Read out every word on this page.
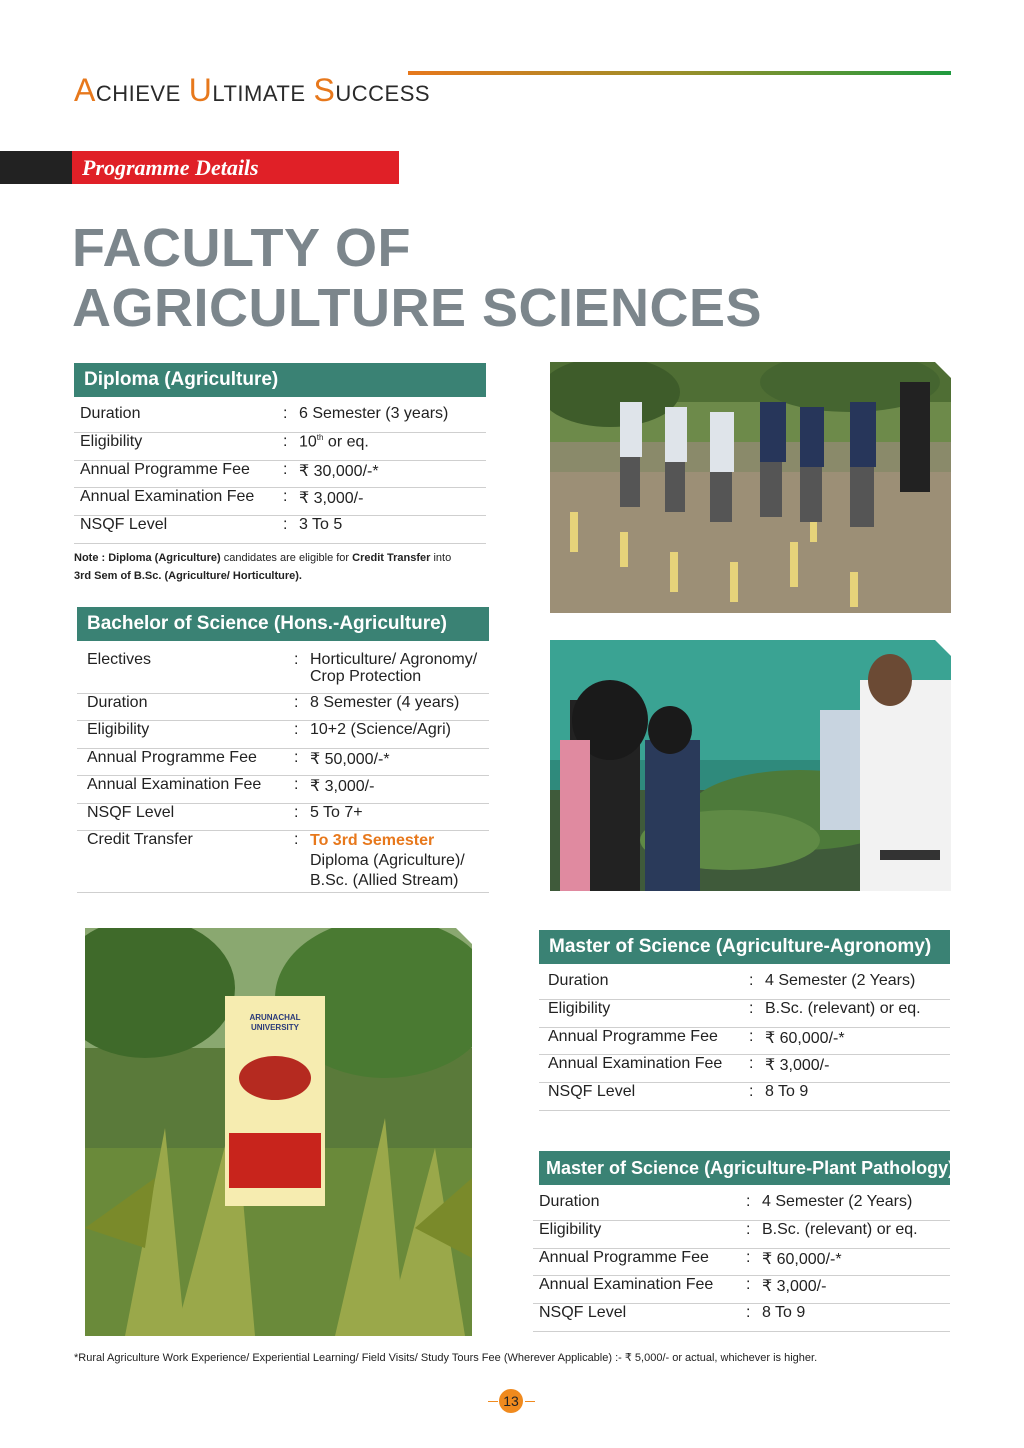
ACHIEVE ULTIMATE SUCCESS
Programme Details
FACULTY OF
AGRICULTURE SCIENCES
Diploma (Agriculture)
Duration	:	6 Semester (3 years)
Eligibility	:	10th or eq.
Annual Programme Fee	:	₹ 30,000/-*
Annual Examination Fee	:	₹ 3,000/-
NSQF Level	:	3 To 5
Note : Diploma (Agriculture) candidates are eligible for Credit Transfer into
3rd Sem of B.Sc. (Agriculture/ Horticulture).
Bachelor of Science (Hons.-Agriculture)
Electives	:	Horticulture/ Agronomy/
Crop Protection

Duration	:	8 Semester (4 years)
Eligibility	:	10+2 (Science/Agri)
Annual Programme Fee	:	₹ 50,000/-*
Annual Examination Fee	:	₹ 3,000/-
NSQF Level	:	5 To 7+
Credit Transfer	:	To 3rd Semester
Diploma (Agriculture)/
B.Sc. (Allied Stream)
ARUNACHAL
UNIVERSITY
Master of Science (Agriculture-Agronomy)
Duration	:	4 Semester (2 Years)
Eligibility	:	B.Sc. (relevant) or eq.
Annual Programme Fee	:	₹ 60,000/-*
Annual Examination Fee	:	₹ 3,000/-
NSQF Level	:	8 To 9
Master of Science (Agriculture-Plant Pathology)
Duration	:	4 Semester (2 Years)
Eligibility	:	B.Sc. (relevant) or eq.
Annual Programme Fee	:	₹ 60,000/-*
Annual Examination Fee	:	₹ 3,000/-
NSQF Level	:	8 To 9
*Rural Agriculture Work Experience/ Experiential Learning/ Field Visits/ Study Tours Fee (Wherever Applicable) :- ₹ 5,000/- or actual, whichever is higher.
13
